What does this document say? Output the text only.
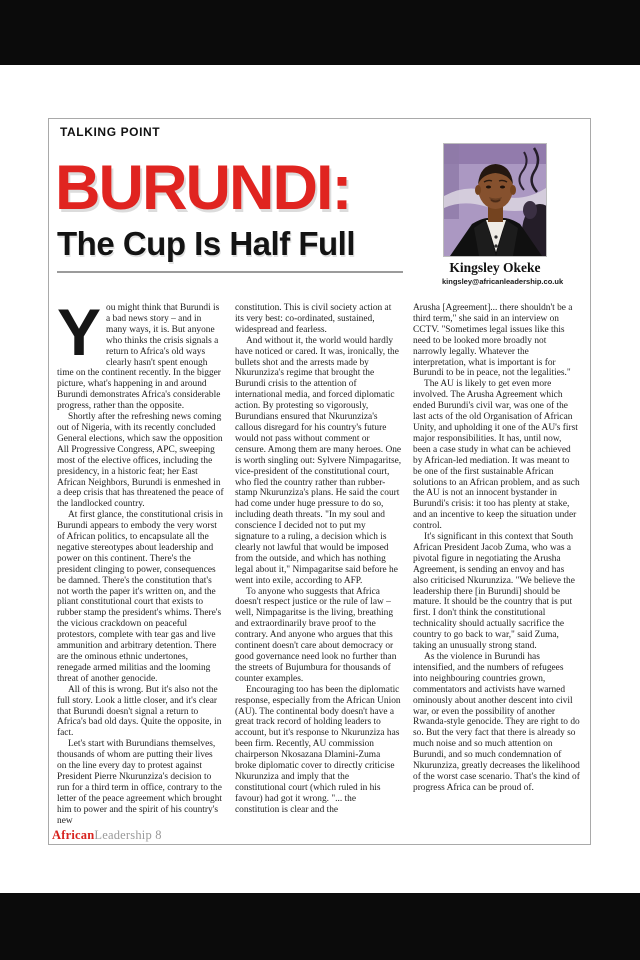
TALKING POINT
BURUNDI:
The Cup Is Half Full
Kingsley Okeke
kingsley@africanleadership.co.uk

You might think that Burundi is a bad news story – and in many ways, it is. But anyone who thinks the crisis signals a return to Africa's old ways clearly hasn't spent enough time on the continent recently. In the bigger picture, what's happening in and around Burundi demonstrates Africa's considerable progress, rather than the opposite.

Shortly after the refreshing news coming out of Nigeria, with its recently concluded General elections, which saw the opposition All Progressive Congress, APC, sweeping most of the elective offices, including the presidency, in a historic feat; her East African Neighbors, Burundi is enmeshed in a deep crisis that has threatened the peace of the landlocked country.

At first glance, the constitutional crisis in Burundi appears to embody the very worst of African politics, to encapsulate all the negative stereotypes about leadership and power on this continent. There's the president clinging to power, consequences be damned. There's the constitution that's not worth the paper it's written on, and the pliant constitutional court that exists to rubber stamp the president's whims. There's the vicious crackdown on peaceful protestors, complete with tear gas and live ammunition and arbitrary detention. There are the ominous ethnic undertones, renegade armed militias and the looming threat of another genocide.

All of this is wrong. But it's also not the full story. Look a little closer, and it's clear that Burundi doesn't signal a return to Africa's bad old days. Quite the opposite, in fact.

Let's start with Burundians themselves, thousands of whom are putting their lives on the line every day to protest against President Pierre Nkurunziza's decision to run for a third term in office, contrary to the letter of the peace agreement which brought him to power and the spirit of his country's new

constitution. This is civil society action at its very best: co-ordinated, sustained, widespread and fearless.

And without it, the world would hardly have noticed or cared. It was, ironically, the bullets shot and the arrests made by Nkurunziza's regime that brought the Burundi crisis to the attention of international media, and forced diplomatic action. By protesting so vigorously, Burundians ensured that Nkurunziza's callous disregard for his country's future would not pass without comment or censure. Among them are many heroes. One is worth singling out: Sylvere Nimpagaritse, vice-president of the constitutional court, who fled the country rather than rubber-stamp Nkurunziza's plans. He said the court had come under huge pressure to do so, including death threats. "In my soul and conscience I decided not to put my signature to a ruling, a decision which is clearly not lawful that would be imposed from the outside, and which has nothing legal about it," Nimpagaritse said before he went into exile, according to AFP.

To anyone who suggests that Africa doesn't respect justice or the rule of law – well, Nimpagaritse is the living, breathing and extraordinarily brave proof to the contrary. And anyone who argues that this continent doesn't care about democracy or good governance need look no further than the streets of Bujumbura for thousands of counter examples.

Encouraging too has been the diplomatic response, especially from the African Union (AU). The continental body doesn't have a great track record of holding leaders to account, but it's response to Nkurunziza has been firm. Recently, AU commission chairperson Nkosazana Dlamini-Zuma broke diplomatic cover to directly criticise Nkurunziza and imply that the constitutional court (which ruled in his favour) had got it wrong. "... the constitution is clear and the

Arusha [Agreement]... there shouldn't be a third term," she said in an interview on CCTV. "Sometimes legal issues like this need to be looked more broadly not narrowly legally. Whatever the interpretation, what is important is for Burundi to be in peace, not the legalities."

The AU is likely to get even more involved. The Arusha Agreement which ended Burundi's civil war, was one of the last acts of the old Organisation of African Unity, and upholding it one of the AU's first major responsibilities. It has, until now, been a case study in what can be achieved by African-led mediation. It was meant to be one of the first sustainable African solutions to an African problem, and as such the AU is not an innocent bystander in Burundi's crisis: it too has plenty at stake, and an incentive to keep the situation under control.

It's significant in this context that South African President Jacob Zuma, who was a pivotal figure in negotiating the Arusha Agreement, is sending an envoy and has also criticised Nkurunziza. "We believe the leadership there [in Burundi] should be mature. It should be the country that is put first. I don't think the constitutional technicality should actually sacrifice the country to go back to war," said Zuma, taking an unusually strong stand.

As the violence in Burundi has intensified, and the numbers of refugees into neighbouring countries grown, commentators and activists have warned ominously about another descent into civil war, or even the possibility of another Rwanda-style genocide. They are right to do so. But the very fact that there is already so much noise and so much attention on Burundi, and so much condemnation of Nkurunziza, greatly decreases the likelihood of the worst case scenario. That's the kind of progress Africa can be proud of.

AfricanLeadership 8
